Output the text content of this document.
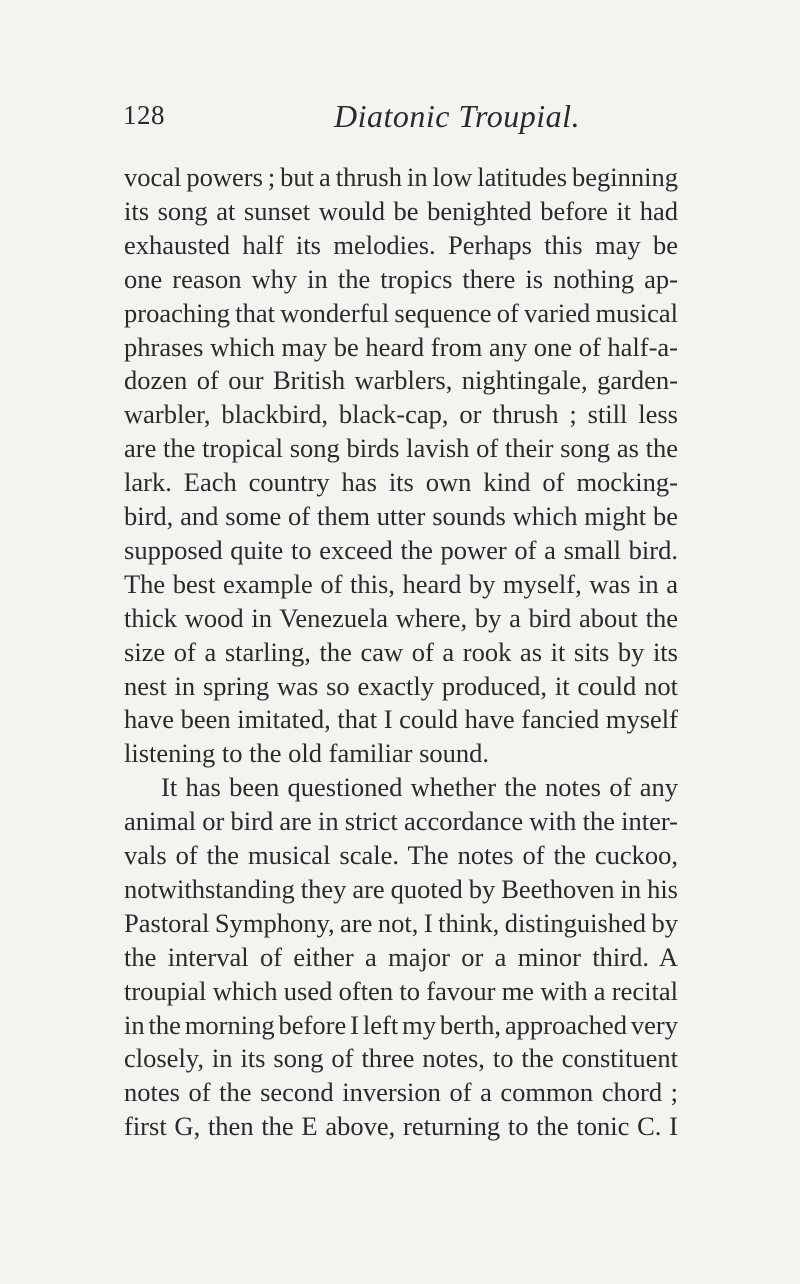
128	Diatonic Troupial.
vocal powers ; but a thrush in low latitudes beginning
its song at sunset would be benighted before it had
exhausted half its melodies. Perhaps this may be
one reason why in the tropics there is nothing ap-
proaching that wonderful sequence of varied musical
phrases which may be heard from any one of half-a-
dozen of our British warblers, nightingale, garden-
warbler, blackbird, black-cap, or thrush ; still less
are the tropical song birds lavish of their song as the
lark. Each country has its own kind of mocking-
bird, and some of them utter sounds which might be
supposed quite to exceed the power of a small bird.
The best example of this, heard by myself, was in a
thick wood in Venezuela where, by a bird about the
size of a starling, the caw of a rook as it sits by its
nest in spring was so exactly produced, it could not
have been imitated, that I could have fancied myself
listening to the old familiar sound.
It has been questioned whether the notes of any
animal or bird are in strict accordance with the inter-
vals of the musical scale. The notes of the cuckoo,
notwithstanding they are quoted by Beethoven in his
Pastoral Symphony, are not, I think, distinguished by
the interval of either a major or a minor third. A
troupial which used often to favour me with a recital
in the morning before I left my berth, approached very
closely, in its song of three notes, to the constituent
notes of the second inversion of a common chord ;
first G, then the E above, returning to the tonic C. I
